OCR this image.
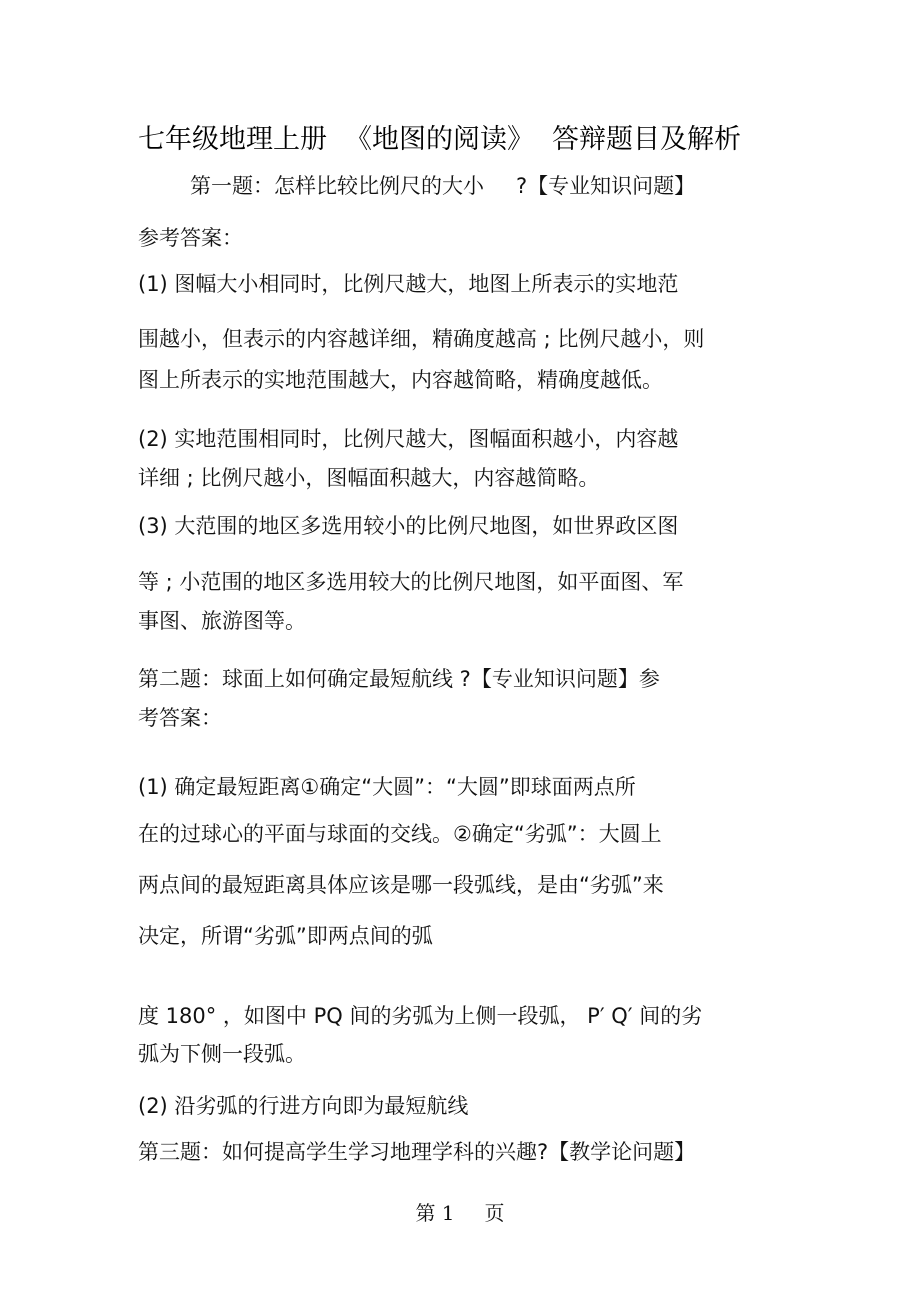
七年级地理上册 《地图的阅读》 答辩题目及解析
第一题：怎样比较比例尺的大小 ?【专业知识问题】
参考答案：
(1) 图幅大小相同时，比例尺越大，地图上所表示的实地范
围越小，但表示的内容越详细，精确度越高 ; 比例尺越小，则
图上所表示的实地范围越大，内容越简略，精确度越低。
(2) 实地范围相同时，比例尺越大，图幅面积越小，内容越
详细 ; 比例尺越小，图幅面积越大，内容越简略。
(3) 大范围的地区多选用较小的比例尺地图，如世界政区图
等 ; 小范围的地区多选用较大的比例尺地图，如平面图、军
事图、旅游图等。
第二题：球面上如何确定最短航线 ?【专业知识问题】参
考答案：
(1) 确定最短距离①确定“大圆”：“大圆”即球面两点所
在的过球心的平面与球面的交线。②确定“劣弧”：大圆上
两点间的最短距离具体应该是哪一段弧线，是由“劣弧”来
决定，所谓“劣弧”即两点间的弧
度 180° ，如图中 PQ 间的劣弧为上侧一段弧， P′ Q′ 间的劣
弧为下侧一段弧。
(2) 沿劣弧的行进方向即为最短航线
第三题：如何提高学生学习地理学科的兴趣?【教学论问题】
第 1 页
